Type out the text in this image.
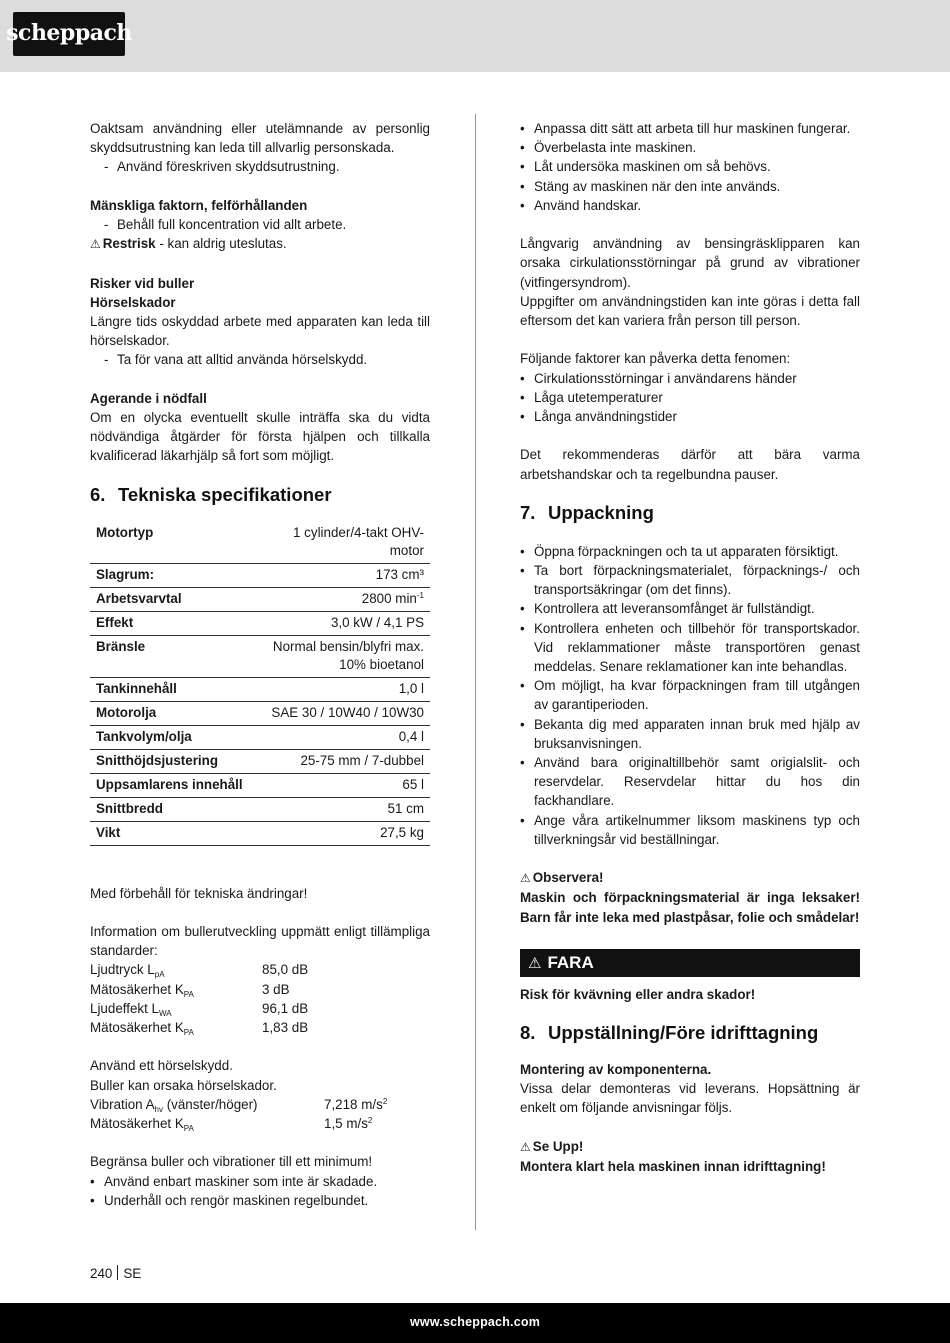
scheppach

Oaktsam användning eller utelämnande av personlig skyddsutrustning kan leda till allvarlig personskada.

- Använd föreskriven skyddsutrustning.

Mänskliga faktorn, felförhållanden

- Behåll full koncentration vid allt arbete.

⚠ Restrisk - kan aldrig uteslutas.

Risker vid buller

Hörselskador

Längre tids oskyddad arbete med apparaten kan leda till hörselskador.

- Ta för vana att alltid använda hörselskydd.

Agerande i nödfall

Om en olycka eventuellt skulle inträffa ska du vidta nödvändiga åtgärder för första hjälpen och tillkalla kvalificerad läkarhjälp så fort som möjligt.

6. Tekniska specifikationer
Motortyp	1 cylinder/4-takt OHV-motor
Slagrum:	173 cm³
Arbetsvarvtal	2800 $\min^{-1}$
Effekt	3,0 kW / 4,1 PS
Bränsle	Normal bensin/blyfri max. 10% bioetanol
Tankinnehåll	1,0 l
Motorolja	SAE 30 / 10W40 / 10W30
Tankvolym/olja	0,4 l
Snitthöjdsjustering	25-75 mm / 7-dubbel
Uppsamlarens innehåll	65 l
Snittbredd	51 cm
Vikt	27,5 kg

Med förbehåll för tekniska ändringar!

Information om bullerutveckling uppmätt enligt tillämpliga standarder:

Ljudtryck $L_{pA}$	85,0 dB
Mätosäkerhet $K_{PA}$	3 dB
Ljudeffekt $L_{WA}$	96,1 dB
Mätosäkerhet $K_{PA}$	1,83 dB

Använd ett hörselskydd.

Buller kan orsaka hörselskador.

Vibration $A_{hv}$ (vänster/höger)	7,218 $m/s^2$
Mätosäkerhet $K_{PA}$	1,5 $m/s^2$

Begränsa buller och vibrationer till ett minimum!

• Använd enbart maskiner som inte är skadade.
• Underhåll och rengör maskinen regelbundet.
• Anpassa ditt sätt att arbeta till hur maskinen fungerar.
• Överbelasta inte maskinen.
• Låt undersöka maskinen om så behövs.
• Stäng av maskinen när den inte används.
• Använd handskar.

Långvarig användning av bensingräsklipparen kan orsaka cirkulationsstörningar på grund av vibrationer (vitfingersyndrom).

Uppgifter om användningstiden kan inte göras i detta fall eftersom det kan variera från person till person.

Följande faktorer kan påverka detta fenomen:

• Cirkulationsstörningar i användarens händer
• Låga utetemperaturer
• Långa användningstider

Det rekommenderas därför att bära varma arbetshandskar och ta regelbundna pauser.

7. Uppackning
• Öppna förpackningen och ta ut apparaten försiktigt.
• Ta bort förpackningsmaterialet, förpacknings-/ och transportsäkringar (om det finns).
• Kontrollera att leveransomfånget är fullständigt.
• Kontrollera enheten och tillbehör för transportskador. Vid reklammationer måste transportören genast meddelas. Senare reklamationer kan inte behandlas.
• Om möjligt, ha kvar förpackningen fram till utgången av garantiperioden.
• Bekanta dig med apparaten innan bruk med hjälp av bruksanvisningen.
• Använd bara originaltillbehör samt origialslit- och reservdelar. Reservdelar hittar du hos din fackhandlare.
• Ange våra artikelnummer liksom maskinens typ och tillverkningsår vid beställningar.

⚠ Observera!

Maskin och förpackningsmaterial är inga leksaker! Barn får inte leka med plastpåsar, folie och smådelar!

⚠ FARA

Risk för kvävning eller andra skador!

8. Uppställning/Före idrifttagning

Montering av komponenterna.

Vissa delar demonteras vid leverans. Hopsättning är enkelt om följande anvisningar följs.

⚠ Se Upp!

Montera klart hela maskinen innan idrifttagning!

240 SE
www.scheppach.com
